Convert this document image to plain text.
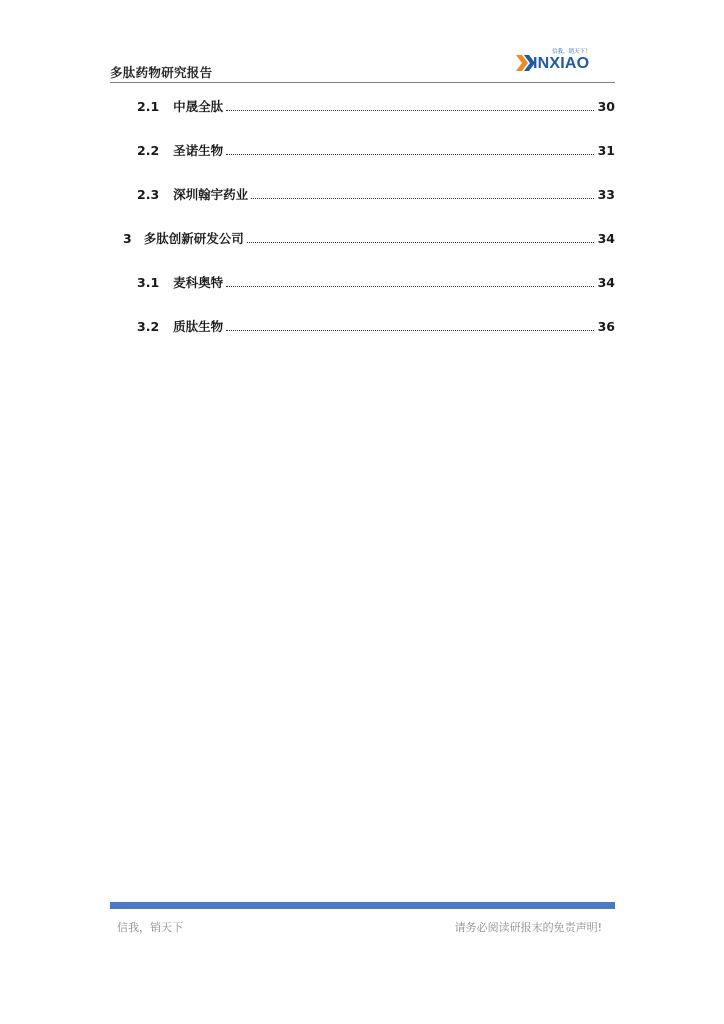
多肽药物研究报告
信我，销天下！
INXIAO
2.1 中晟全肽	30
2.2 圣诺生物	31
2.3 深圳翰宇药业	33
3 多肽创新研发公司	34
3.1 麦科奥特	34
3.2 质肽生物	36
信我，销天下	请务必阅读研报末的免责声明!
